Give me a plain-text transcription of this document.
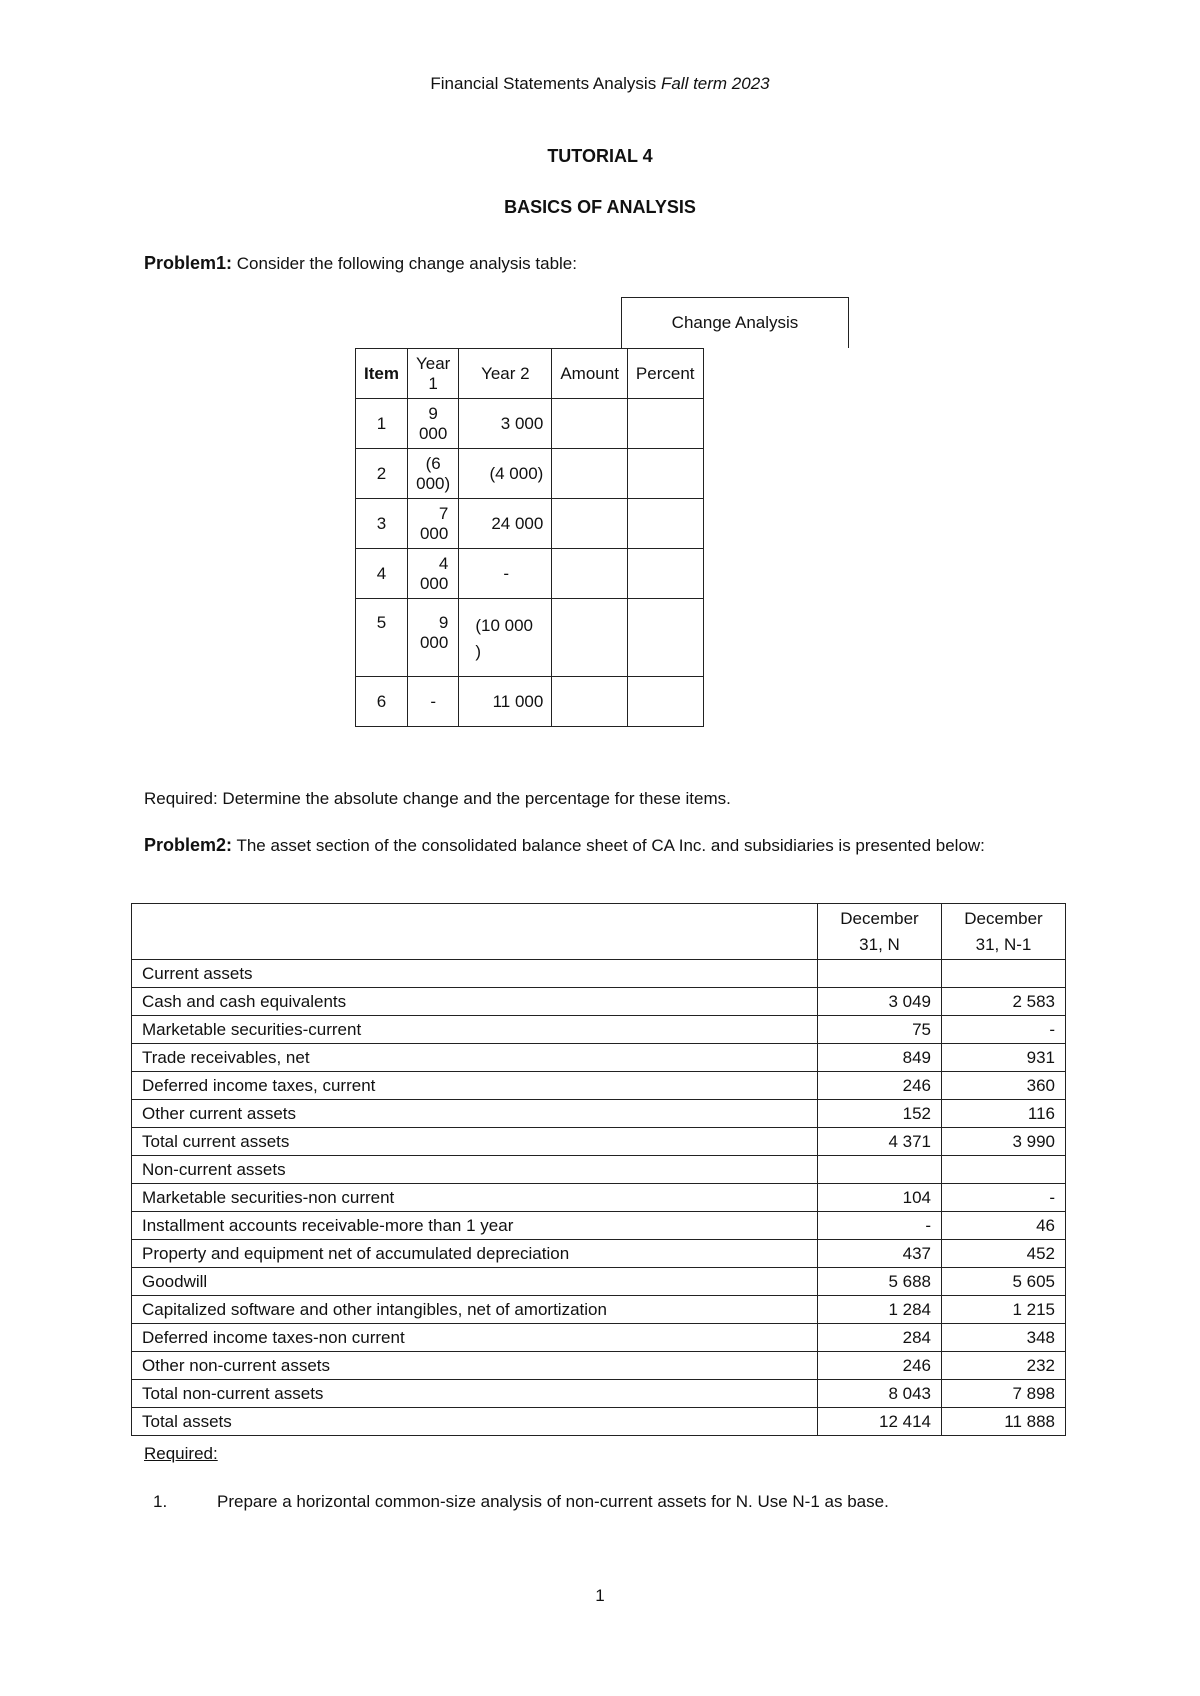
Financial Statements Analysis Fall term 2023
TUTORIAL 4
BASICS OF ANALYSIS
Problem1: Consider the following change analysis table:
Change Analysis
Item	Year 1	Year 2	Amount	Percent
1	9 000	3 000		
2	(6 000)	(4 000)		
3	7 000	24 000		
4	4 000	-		
5	9 000	(10 000 )		
6	-	11 000		
Required: Determine the absolute change and the percentage for these items.
Problem2: The asset section of the consolidated balance sheet of CA Inc. and subsidiaries is presented below:
	December 31, N	December 31, N-1
Current assets		
Cash and cash equivalents	3 049	2 583
Marketable securities-current	75	-
Trade receivables, net	849	931
Deferred income taxes, current	246	360
Other current assets	152	116
Total current assets	4 371	3 990
Non-current assets		
Marketable securities-non current	104	-
Installment accounts receivable-more than 1 year	-	46
Property and equipment net of accumulated depreciation	437	452
Goodwill	5 688	5 605
Capitalized software and other intangibles, net of amortization	1 284	1 215
Deferred income taxes-non current	284	348
Other non-current assets	246	232
Total non-current assets	8 043	7 898
Total assets	12 414	11 888
Required:
1.	Prepare a horizontal common-size analysis of non-current assets for N. Use N-1 as base.
1
